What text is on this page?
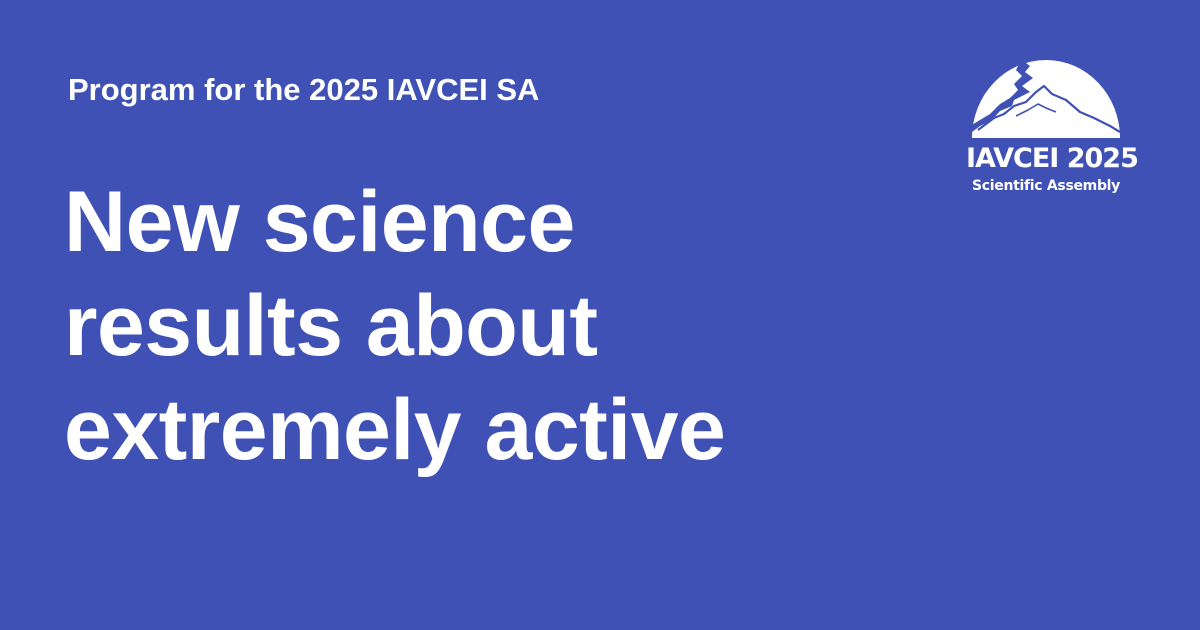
Program for the 2025 IAVCEI SA
New science
results about
extremely active
IAVCEI 2025
Scientific Assembly
